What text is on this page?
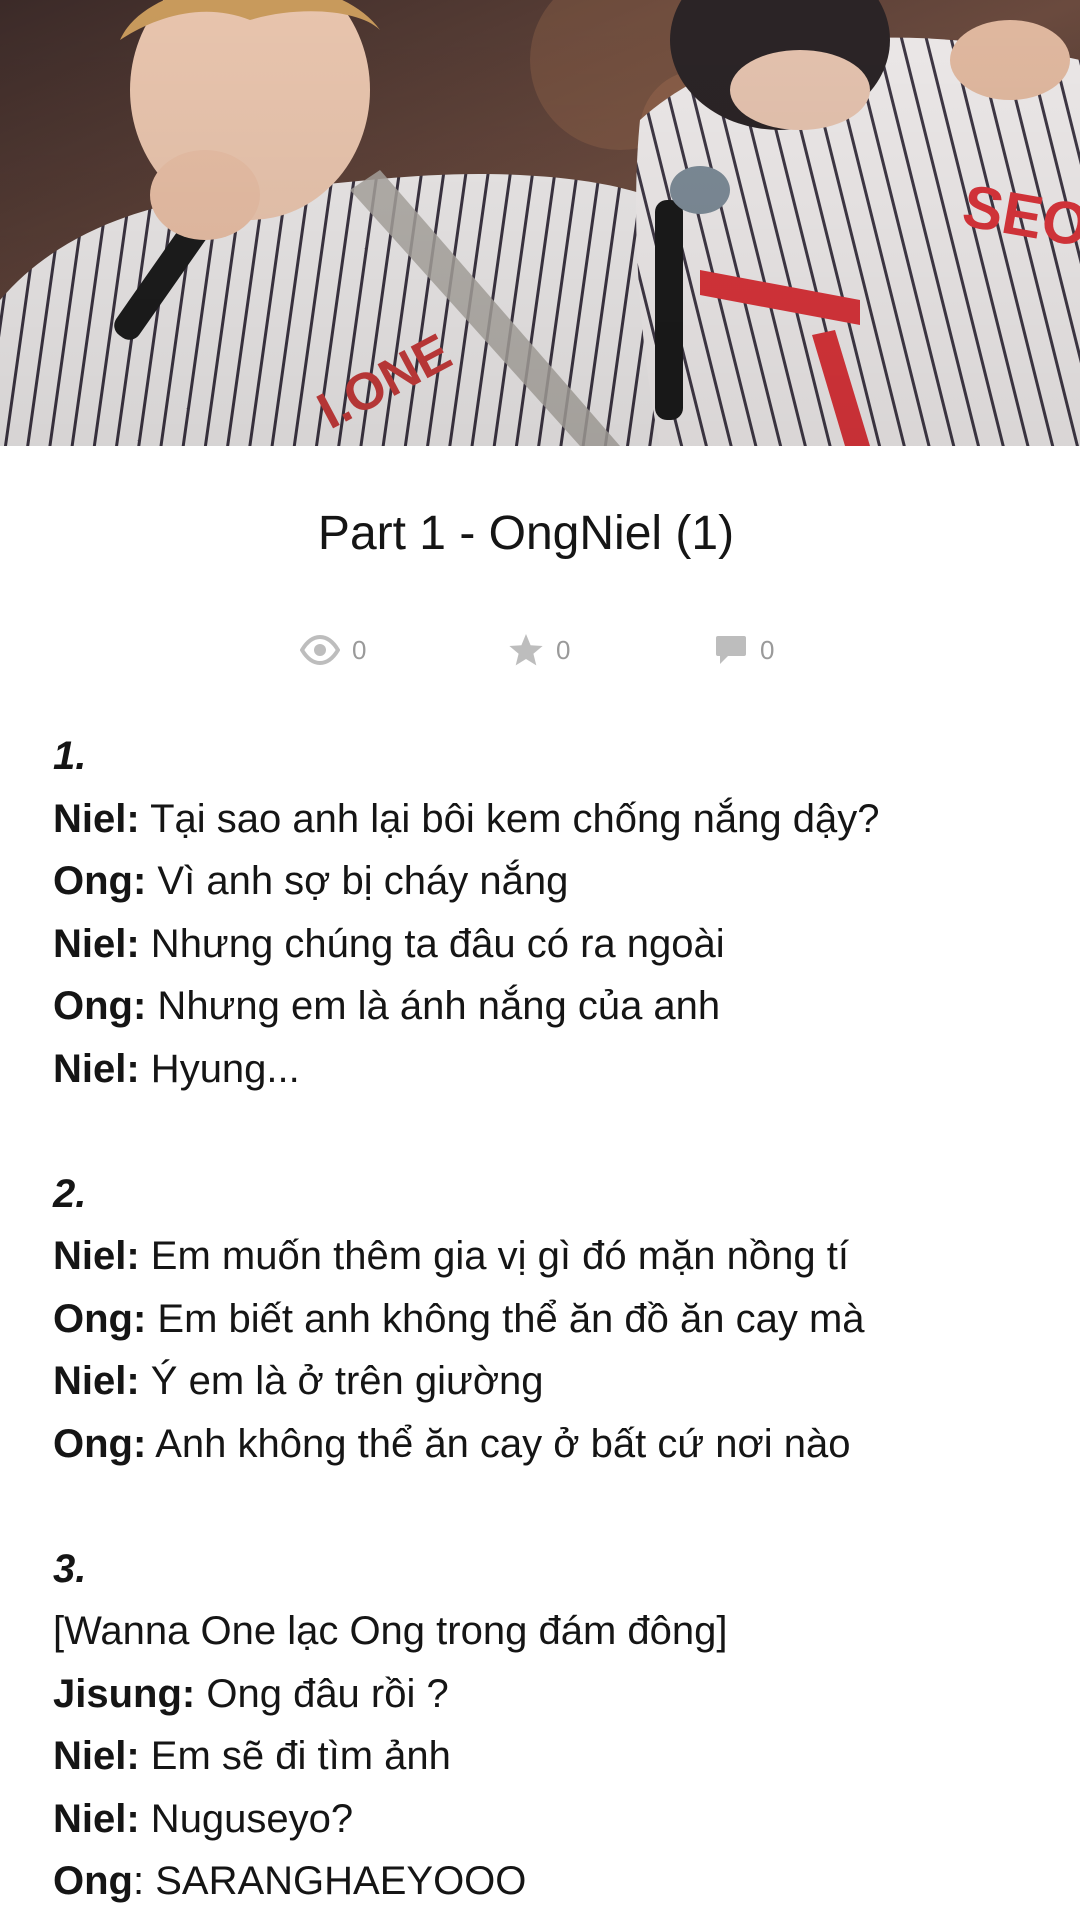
Part 1 - OngNiel (1)
0	0	0
1.
Niel: Tại sao anh lại bôi kem chống nắng dậy?
Ong: Vì anh sợ bị cháy nắng
Niel: Nhưng chúng ta đâu có ra ngoài
Ong: Nhưng em là ánh nắng của anh
Niel: Hyung...
2.
Niel: Em muốn thêm gia vị gì đó mặn nồng tí
Ong: Em biết anh không thể ăn đồ ăn cay mà
Niel: Ý em là ở trên giường
Ong: Anh không thể ăn cay ở bất cứ nơi nào
3.
[Wanna One lạc Ong trong đám đông]
Jisung: Ong đâu rồi ?
Niel: Em sẽ đi tìm ảnh
Niel: Nuguseyo?
Ong: SARANGHAEYOOO
